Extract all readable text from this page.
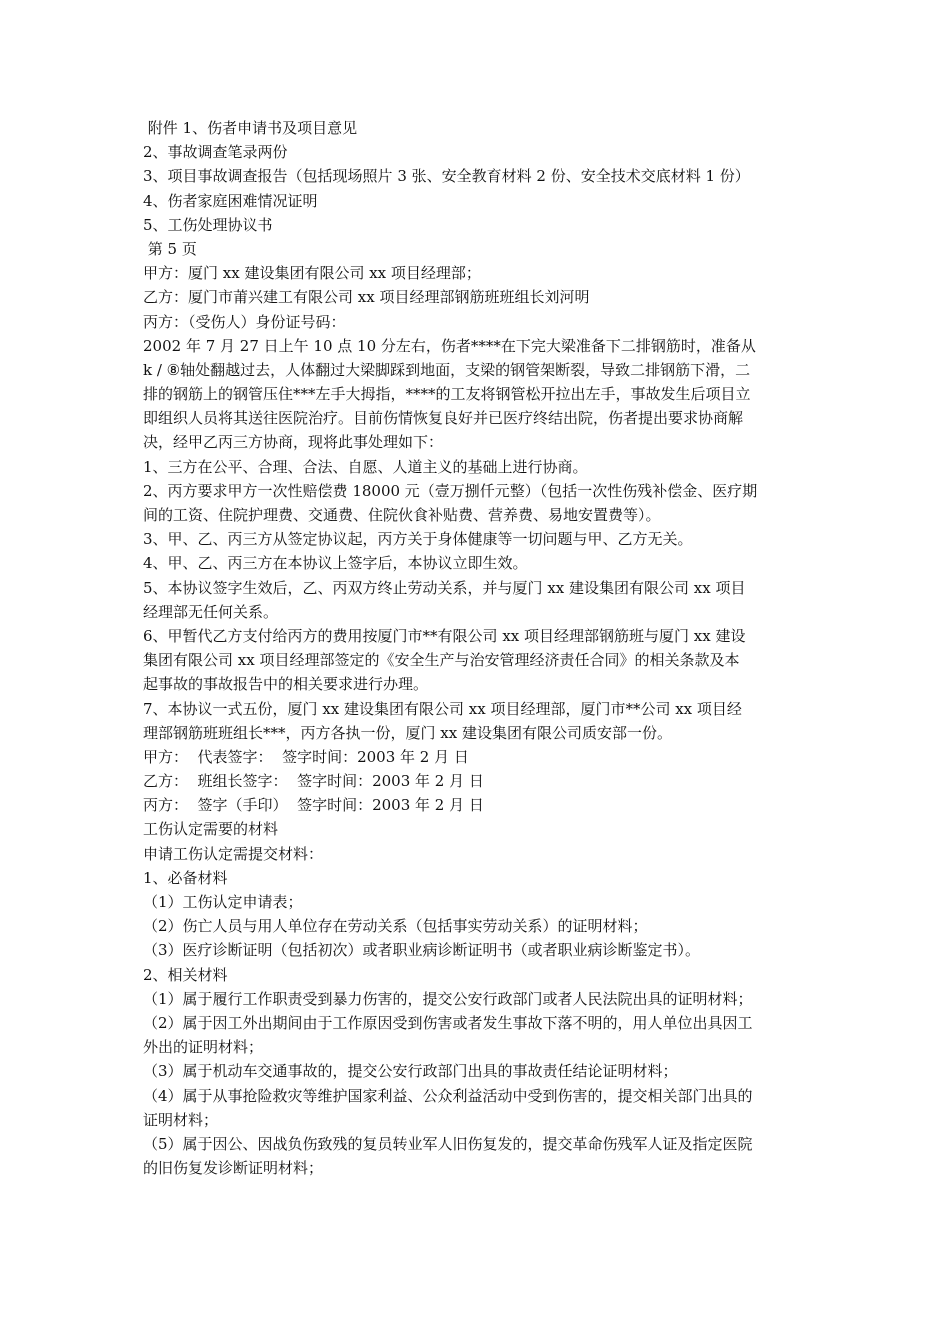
附件 1、伤者申请书及项目意见
2、事故调查笔录两份
3、项目事故调查报告（包括现场照片 3 张、安全教育材料 2 份、安全技术交底材料 1 份）
4、伤者家庭困难情况证明
5、工伤处理协议书
第 5 页
甲方：厦门 xx 建设集团有限公司 xx 项目经理部；
乙方：厦门市莆兴建工有限公司 xx 项目经理部钢筋班班组长刘河明
丙方：（受伤人）身份证号码：
2002 年 7 月 27 日上午 10 点 10 分左右，伤者****在下完大梁准备下二排钢筋时，准备从
k / ⑧轴处翻越过去，人体翻过大梁脚踩到地面，支梁的钢管架断裂，导致二排钢筋下滑，二
排的钢筋上的钢管压住***左手大拇指，****的工友将钢管松开拉出左手，事故发生后项目立
即组织人员将其送往医院治疗。目前伤情恢复良好并已医疗终结出院，伤者提出要求协商解
决，经甲乙丙三方协商，现将此事处理如下：
1、三方在公平、合理、合法、自愿、人道主义的基础上进行协商。
2、丙方要求甲方一次性赔偿费 18000 元（壹万捌仟元整）（包括一次性伤残补偿金、医疗期
间的工资、住院护理费、交通费、住院伙食补贴费、营养费、易地安置费等）。
3、甲、乙、丙三方从签定协议起，丙方关于身体健康等一切问题与甲、乙方无关。
4、甲、乙、丙三方在本协议上签字后，本协议立即生效。
5、本协议签字生效后，乙、丙双方终止劳动关系，并与厦门 xx 建设集团有限公司 xx 项目
经理部无任何关系。
6、甲暂代乙方支付给丙方的费用按厦门市**有限公司 xx 项目经理部钢筋班与厦门 xx 建设
集团有限公司 xx 项目经理部签定的《安全生产与治安管理经济责任合同》的相关条款及本
起事故的事故报告中的相关要求进行办理。
7、本协议一式五份，厦门 xx 建设集团有限公司 xx 项目经理部，厦门市**公司 xx 项目经
理部钢筋班班组长***，丙方各执一份，厦门 xx 建设集团有限公司质安部一份。
甲方：  代表签字：  签字时间：2003 年 2 月 日
乙方：  班组长签字：  签字时间：2003 年 2 月 日
丙方：  签字（手印）  签字时间：2003 年 2 月 日
工伤认定需要的材料
申请工伤认定需提交材料：
1、必备材料
（1）工伤认定申请表；
（2）伤亡人员与用人单位存在劳动关系（包括事实劳动关系）的证明材料；
（3）医疗诊断证明（包括初次）或者职业病诊断证明书（或者职业病诊断鉴定书）。
2、相关材料
（1）属于履行工作职责受到暴力伤害的，提交公安行政部门或者人民法院出具的证明材料；
（2）属于因工外出期间由于工作原因受到伤害或者发生事故下落不明的，用人单位出具因工
外出的证明材料；
（3）属于机动车交通事故的，提交公安行政部门出具的事故责任结论证明材料；
（4）属于从事抢险救灾等维护国家利益、公众利益活动中受到伤害的，提交相关部门出具的
证明材料；
（5）属于因公、因战负伤致残的复员转业军人旧伤复发的，提交革命伤残军人证及指定医院
的旧伤复发诊断证明材料；
